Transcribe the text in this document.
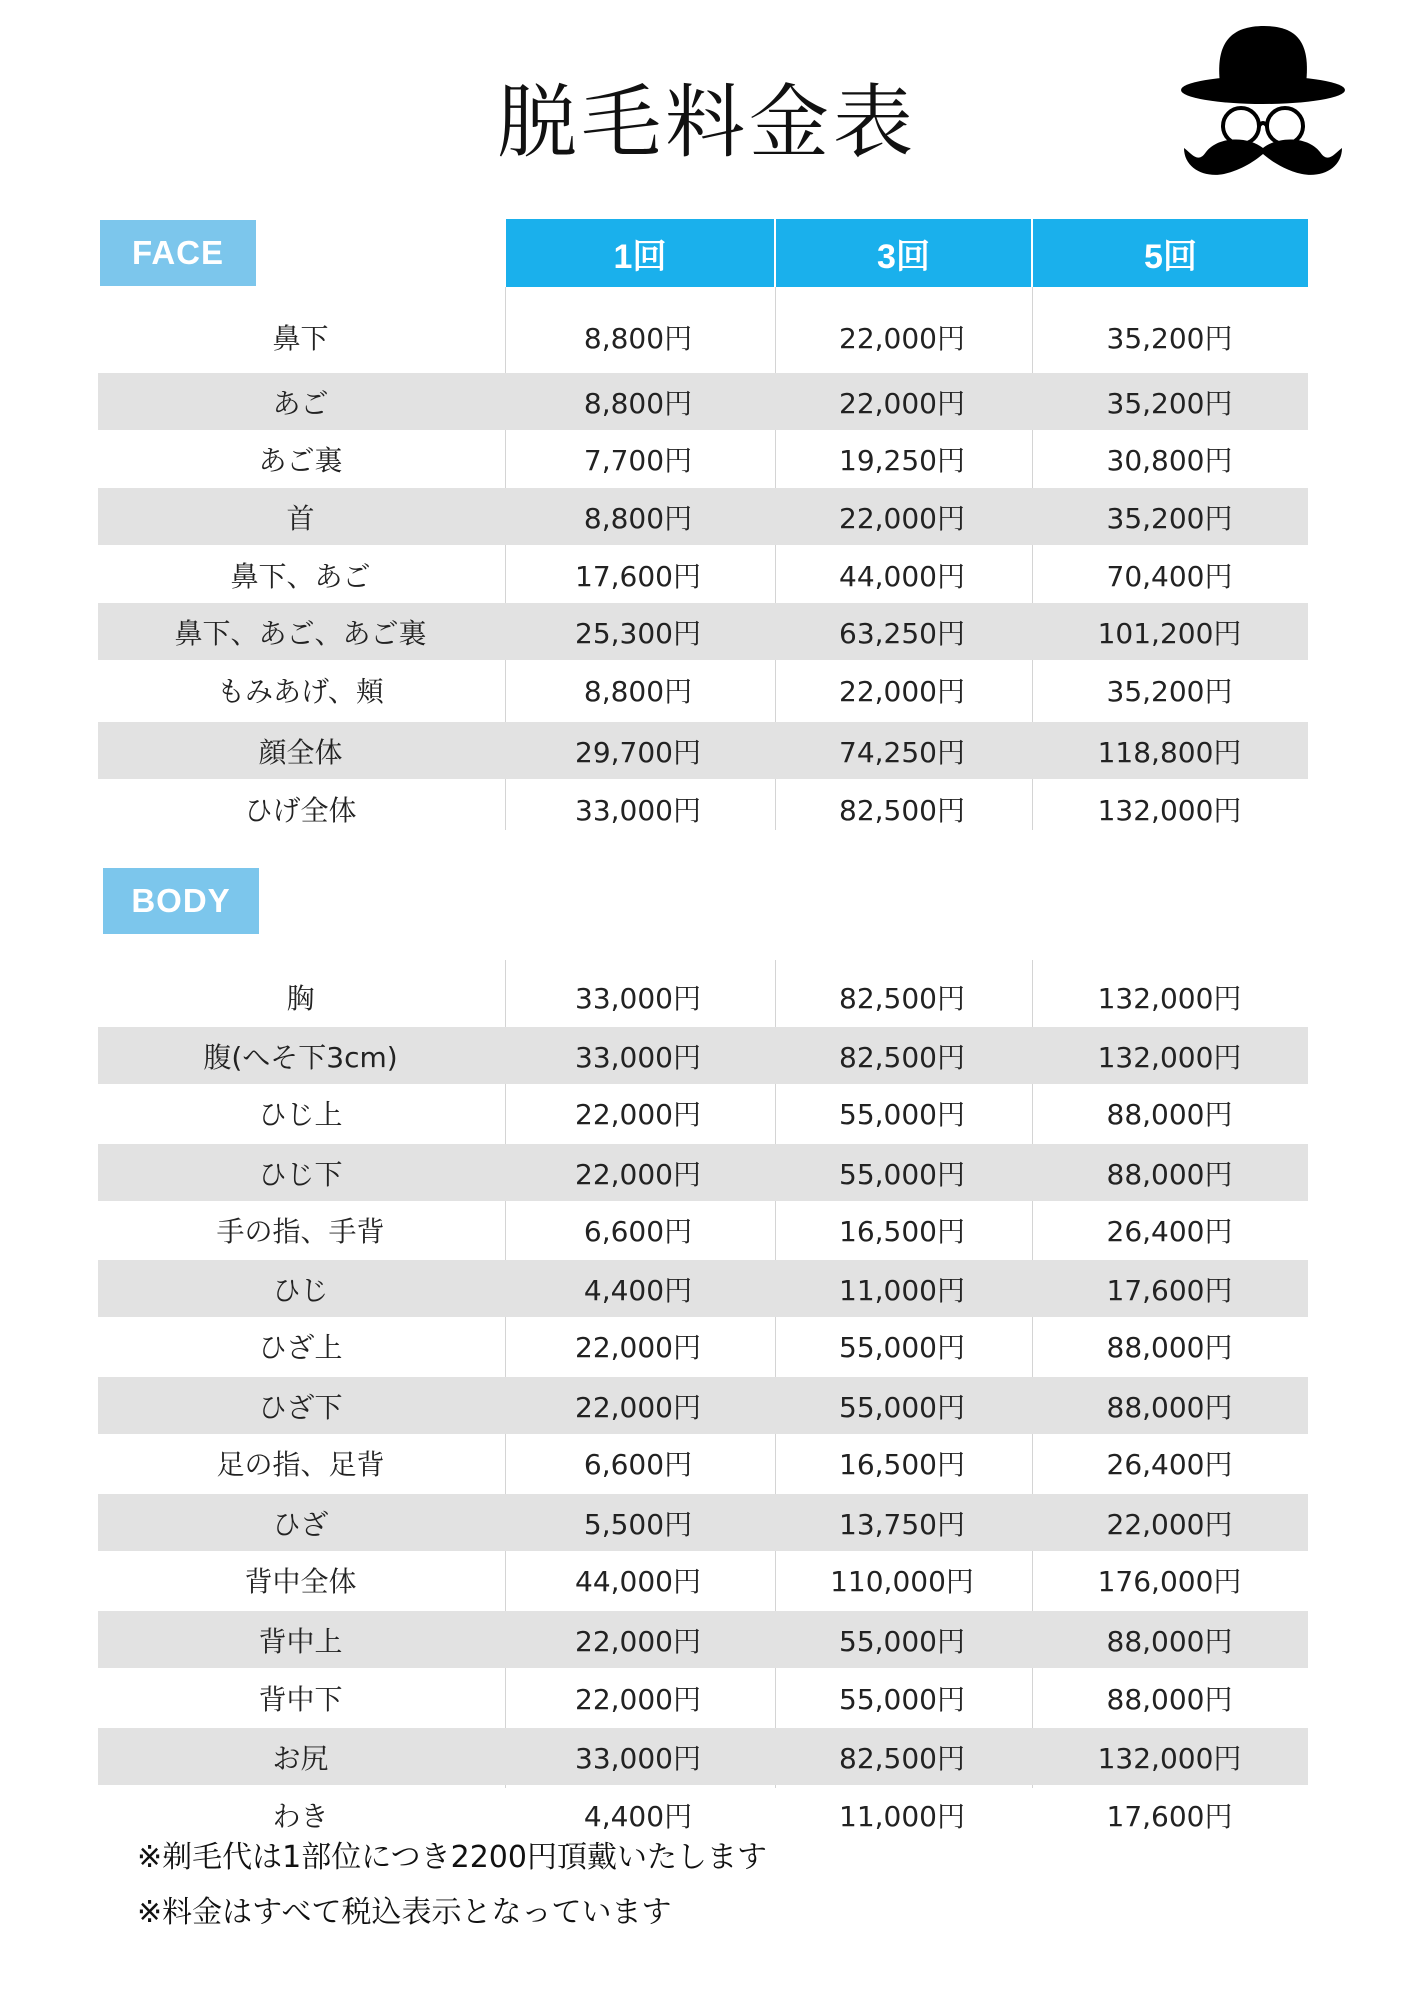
脱毛料金表
FACE	1回	3回	5回
BODY
鼻下	8,800円	22,000円	35,200円
あご	8,800円	22,000円	35,200円
あご裏	7,700円	19,250円	30,800円
首	8,800円	22,000円	35,200円
鼻下、あご	17,600円	44,000円	70,400円
鼻下、あご、あご裏	25,300円	63,250円	101,200円
もみあげ、頬	8,800円	22,000円	35,200円
顔全体	29,700円	74,250円	118,800円
ひげ全体	33,000円	82,500円	132,000円
胸	33,000円	82,500円	132,000円
腹(へそ下3cm)	33,000円	82,500円	132,000円
ひじ上	22,000円	55,000円	88,000円
ひじ下	22,000円	55,000円	88,000円
手の指、手背	6,600円	16,500円	26,400円
ひじ	4,400円	11,000円	17,600円
ひざ上	22,000円	55,000円	88,000円
ひざ下	22,000円	55,000円	88,000円
足の指、足背	6,600円	16,500円	26,400円
ひざ	5,500円	13,750円	22,000円
背中全体	44,000円	110,000円	176,000円
背中上	22,000円	55,000円	88,000円
背中下	22,000円	55,000円	88,000円
お尻	33,000円	82,500円	132,000円
わき	4,400円	11,000円	17,600円
※剃毛代は1部位につき2200円頂戴いたします
※料金はすべて税込表示となっています
